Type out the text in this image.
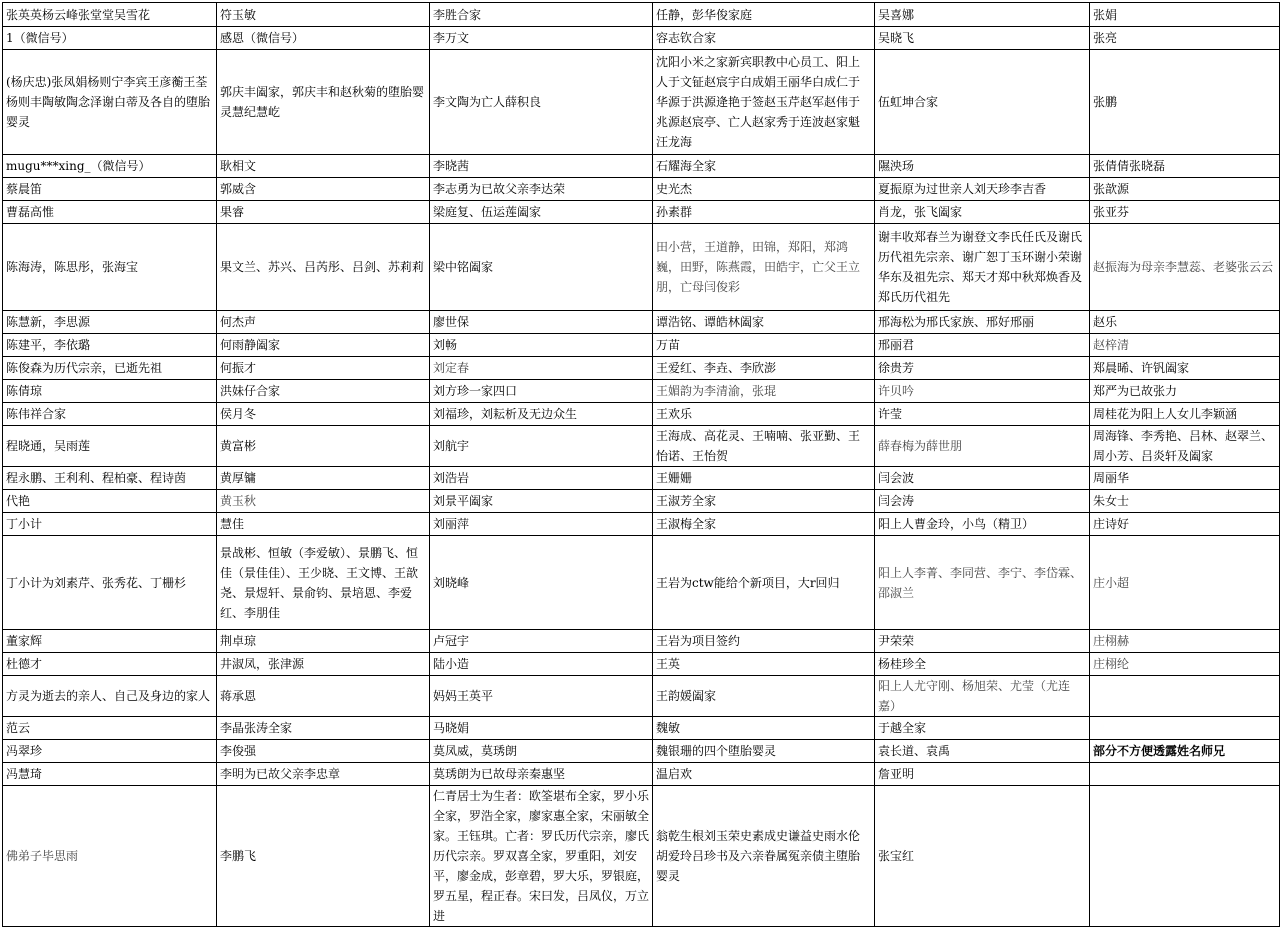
张英英杨云峰张堂堂吴雪花	符玉敏	李胜合家	任静，彭华俊家庭	吴喜娜	张娟
1（微信号）	感恩（微信号）	李万文	容志钦合家	吴晓飞	张亮
(杨庆忠)张凤娟杨则宁李宾王彦蘅王荃杨则丰陶敏陶念泽谢白蒂及各自的堕胎婴灵	郭庆丰阖家，郭庆丰和赵秋菊的堕胎婴灵慧纪慧屹	李文陶为亡人薛积良	沈阳小米之家新宾职教中心员工、阳上人于文钲赵宸宇白成娟王丽华白成仁于华源于洪源逄艳于签赵玉芹赵军赵伟于兆源赵宸亭、亡人赵家秀于连波赵家魁汪龙海	伍虹坤合家	张鹏
mugu***xing_（微信号）	耿相文	李晓茜	石耀海全家	隰泱玚	张倩倩张晓磊
蔡晨笛	郭威含	李志勇为已故父亲李达荣	史光杰	夏振原为过世亲人刘天珍李吉香	张歆源
曹磊高惟	果睿	梁庭复、伍运莲阖家	孙素群	肖龙，张飞阖家	张亚芬
陈海涛，陈思彤，张海宝	果文兰、苏兴、吕芮彤、吕剑、苏莉莉	梁中铭阖家	田小营，王道静，田锦，郑阳，郑鸿巍，田野，陈燕霞，田皓宇，亡父王立朋，亡母闫俊彩	谢丰收郑春兰为谢登文李氏任氏及谢氏历代祖先宗亲、谢广恕丁玉环谢小荣谢华东及祖先宗、郑天才郑中秋郑焕香及郑氏历代祖先	赵振海为母亲李慧蕊、老婆张云云
陈慧新，李思源	何杰声	廖世保	谭浩铭、谭皓林阖家	邢海松为邢氏家族、邢好邢丽	赵乐
陈建平，李依璐	何雨静阖家	刘畅	万苗	邢丽君	赵梓清
陈俊森为历代宗亲，已逝先祖	何振才	刘定春	王爱红、李垚、李欣澎	徐贵芳	郑晨晞、许钒阖家
陈倩琼	洪妹仔合家	刘方珍一家四口	王媚韵为李清渝，张琨	许贝吟	郑严为已故张力
陈伟祥合家	侯月冬	刘福珍，刘耘析及无边众生	王欢乐	许莹	周桂花为阳上人女儿李颖涵
程晓通，吴雨莲	黄富彬	刘航宇	王海成、高花灵、王喃喃、张亚勤、王怡诺、王怡贺	薛春梅为薛世朋	周海锋、李秀艳、吕林、赵翠兰、周小芳、吕炎轩及阖家
程永鹏、王利利、程柏豪、程诗茵	黄厚镛	刘浩岩	王姗姗	闫会波	周丽华
代艳	黄玉秋	刘景平阖家	王淑芳全家	闫会涛	朱女士
丁小计	慧佳	刘丽萍	王淑梅全家	阳上人曹金玲，小鸟（精卫）	庄诗好
丁小计为刘素芹、张秀花、丁栅杉	景战彬、恒敏（李爱敏）、景鹏飞、恒佳（景佳佳）、王少晓、王文博、王歆尧、景煜轩、景俞钧、景培恩、李爱红、李朋佳	刘晓峰	王岩为ctw能给个新项目，大r回归	阳上人李菁、李同营、李宁、李岱霖、邵淑兰	庄小超
董家辉	荆卓琼	卢冠宇	王岩为项目签约	尹荣荣	庄栩赫
杜德才	井淑凤，张津源	陆小造	王英	杨桂珍全	庄栩纶
方灵为逝去的亲人、自己及身边的家人	蒋承恩	妈妈王英平	王韵媛阖家	阳上人尤守刚、杨旭荣、尤莹（尤连嘉）	
范云	李晶张涛全家	马晓娟	魏敏	于越全家	
冯翠珍	李俊强	莫凤威，莫琇朗	魏银珊的四个堕胎婴灵	袁长道、袁禹	部分不方便透露姓名师兄
冯慧琦	李明为已故父亲李忠章	莫琇朗为已故母亲秦惠坚	温启欢	詹亚明	
佛弟子毕思雨	李鹏飞	仁青居士为生者：欧筌堪布全家，罗小乐全家，罗浩全家，廖家惠全家，宋丽敏全家。王钰琪。亡者：罗氏历代宗亲，廖氏历代宗亲。罗双喜全家，罗重阳，刘安平，廖金成，彭章碧，罗大乐，罗银庭，罗五星，程正春。宋曰发，吕凤仪，万立进	翁乾生根刘玉荣史素成史谦益史雨水伦胡爱玲吕珍书及六亲眷属冤亲债主堕胎婴灵	张宝红	
